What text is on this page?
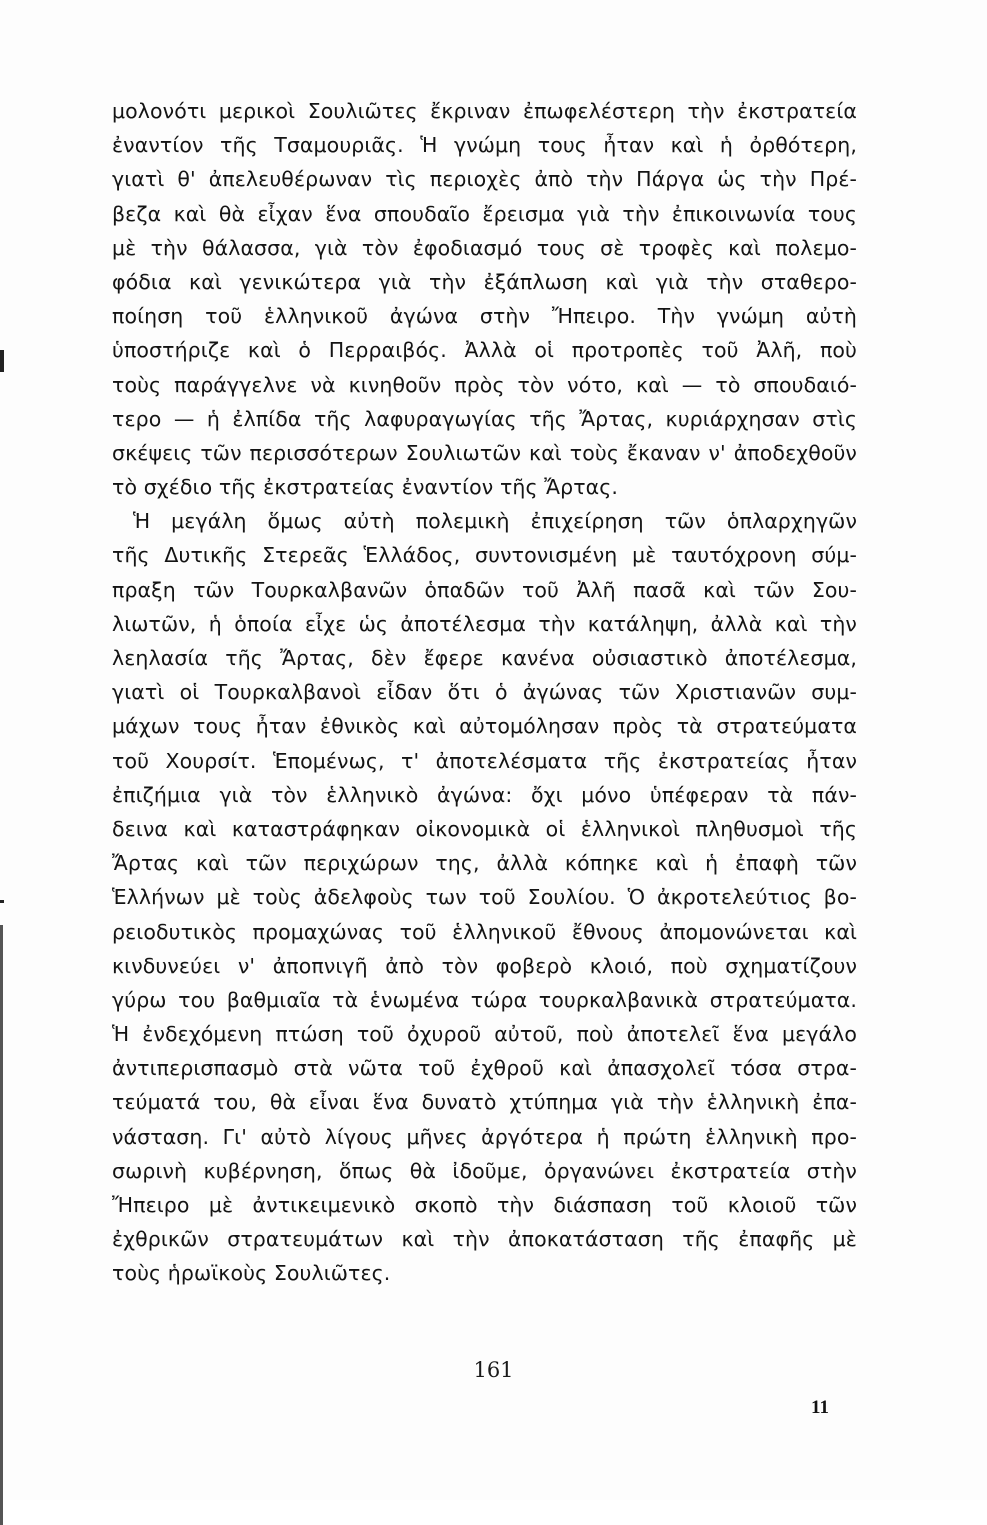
μολονότι μερικοὶ Σουλιῶτες ἔκριναν ἐπωφελέστερη τὴν ἐκστρατεία
ἐναντίον τῆς Τσαμουριᾶς. Ἡ γνώμη τους ἦταν καὶ ἡ ὀρθότερη,
γιατὶ θ' ἀπελευθέρωναν τὶς περιοχὲς ἀπὸ τὴν Πάργα ὡς τὴν Πρέ-
βεζα καὶ θὰ εἶχαν ἕνα σπουδαῖο ἔρεισμα γιὰ τὴν ἐπικοινωνία τους
μὲ τὴν θάλασσα, γιὰ τὸν ἐφοδιασμό τους σὲ τροφὲς καὶ πολεμο-
φόδια καὶ γενικώτερα γιὰ τὴν ἐξάπλωση καὶ γιὰ τὴν σταθερο-
ποίηση τοῦ ἑλληνικοῦ ἀγώνα στὴν Ἤπειρο. Τὴν γνώμη αὐτὴ
ὑποστήριζε καὶ ὁ Περραιβός. Ἀλλὰ οἱ προτροπὲς τοῦ Ἀλῆ, ποὺ
τοὺς παράγγελνε νὰ κινηθοῦν πρὸς τὸν νότο, καὶ — τὸ σπουδαιό-
τερο — ἡ ἐλπίδα τῆς λαφυραγωγίας τῆς Ἄρτας, κυριάρχησαν στὶς
σκέψεις τῶν περισσότερων Σουλιωτῶν καὶ τοὺς ἔκαναν ν' ἀποδεχθοῦν
τὸ σχέδιο τῆς ἐκστρατείας ἐναντίον τῆς Ἄρτας.
Ἡ μεγάλη ὅμως αὐτὴ πολεμικὴ ἐπιχείρηση τῶν ὁπλαρχηγῶν
τῆς Δυτικῆς Στερεᾶς Ἑλλάδος, συντονισμένη μὲ ταυτόχρονη σύμ-
πραξη τῶν Τουρκαλβανῶν ὁπαδῶν τοῦ Ἀλῆ πασᾶ καὶ τῶν Σου-
λιωτῶν, ἡ ὁποία εἶχε ὡς ἀποτέλεσμα τὴν κατάληψη, ἀλλὰ καὶ τὴν
λεηλασία τῆς Ἄρτας, δὲν ἔφερε κανένα οὐσιαστικὸ ἀποτέλεσμα,
γιατὶ οἱ Τουρκαλβανοὶ εἶδαν ὅτι ὁ ἀγώνας τῶν Χριστιανῶν συμ-
μάχων τους ἦταν ἐθνικὸς καὶ αὐτομόλησαν πρὸς τὰ στρατεύματα
τοῦ Χουρσίτ. Ἑπομένως, τ' ἀποτελέσματα τῆς ἐκστρατείας ἦταν
ἐπιζήμια γιὰ τὸν ἑλληνικὸ ἀγώνα: ὄχι μόνο ὑπέφεραν τὰ πάν-
δεινα καὶ καταστράφηκαν οἰκονομικὰ οἱ ἑλληνικοὶ πληθυσμοὶ τῆς
Ἄρτας καὶ τῶν περιχώρων της, ἀλλὰ κόπηκε καὶ ἡ ἐπαφὴ τῶν
Ἑλλήνων μὲ τοὺς ἀδελφοὺς των τοῦ Σουλίου. Ὁ ἀκροτελεύτιος βο-
ρειοδυτικὸς προμαχώνας τοῦ ἑλληνικοῦ ἔθνους ἀπομονώνεται καὶ
κινδυνεύει ν' ἀποπνιγῆ ἀπὸ τὸν φοβερὸ κλοιό, ποὺ σχηματίζουν
γύρω του βαθμιαῖα τὰ ἑνωμένα τώρα τουρκαλβανικὰ στρατεύματα.
Ἡ ἐνδεχόμενη πτώση τοῦ ὀχυροῦ αὐτοῦ, ποὺ ἀποτελεῖ ἕνα μεγάλο
ἀντιπερισπασμὸ στὰ νῶτα τοῦ ἐχθροῦ καὶ ἀπασχολεῖ τόσα στρα-
τεύματά του, θὰ εἶναι ἕνα δυνατὸ χτύπημα γιὰ τὴν ἑλληνικὴ ἐπα-
νάσταση. Γι' αὐτὸ λίγους μῆνες ἀργότερα ἡ πρώτη ἑλληνικὴ προ-
σωρινὴ κυβέρνηση, ὅπως θὰ ἰδοῦμε, ὀργανώνει ἐκστρατεία στὴν
Ἤπειρο μὲ ἀντικειμενικὸ σκοπὸ τὴν διάσπαση τοῦ κλοιοῦ τῶν
ἐχθρικῶν στρατευμάτων καὶ τὴν ἀποκατάσταση τῆς ἐπαφῆς μὲ
τοὺς ἡρωϊκοὺς Σουλιῶτες.
161
11
